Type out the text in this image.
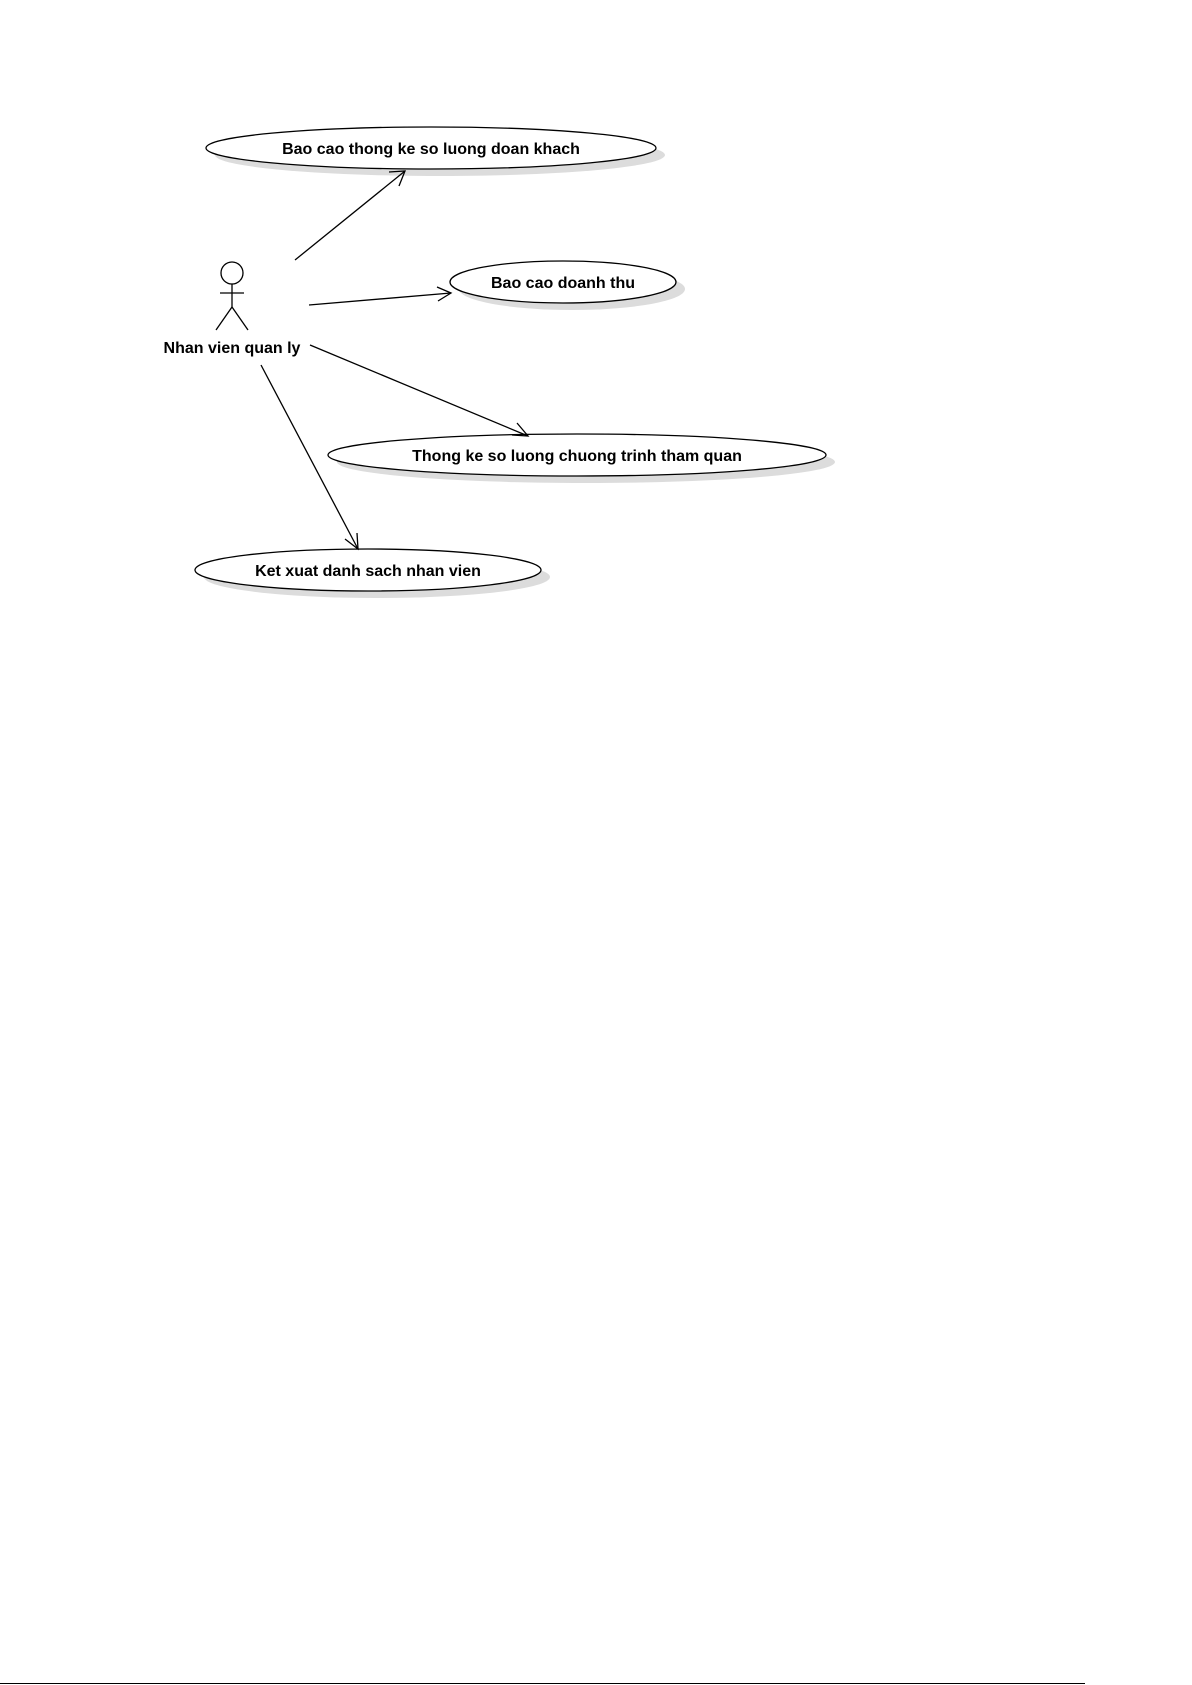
Bao cao thong ke so luong doan khach
Bao cao doanh thu
Thong ke so luong chuong trinh tham quan
Ket xuat danh sach nhan vien
Nhan vien quan ly
